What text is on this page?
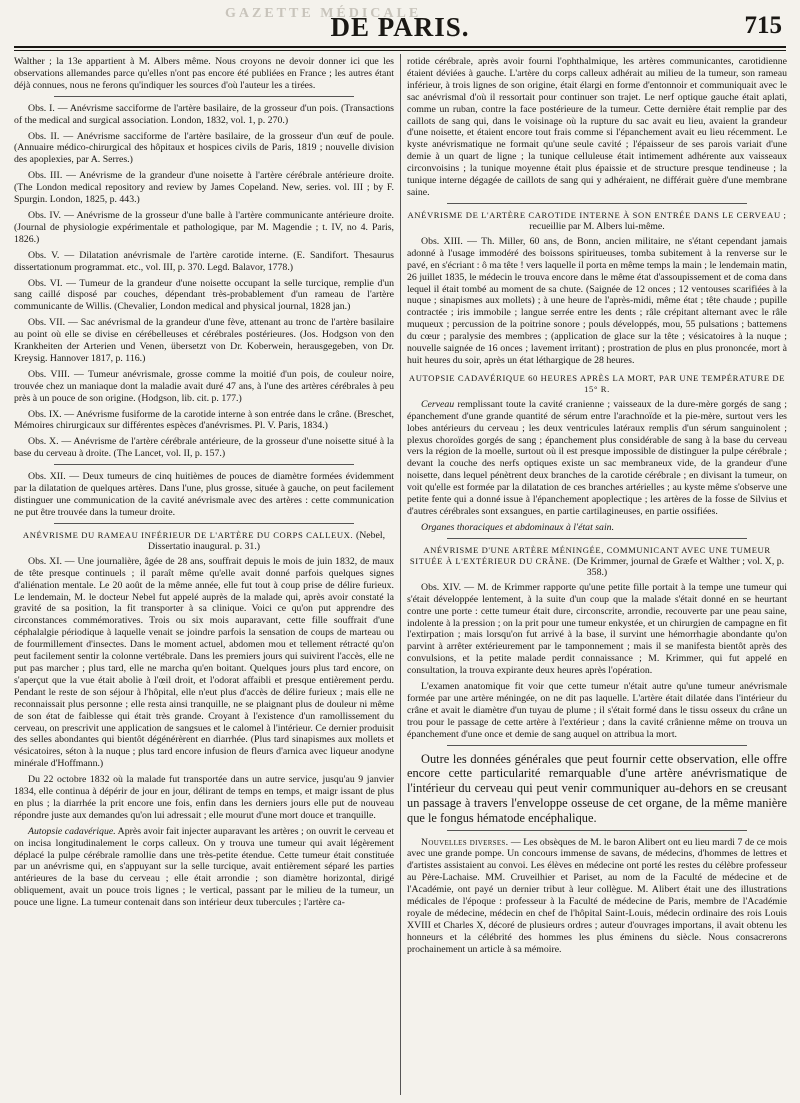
GAZETTE MÉDICALE
DE PARIS.	715

Walther ; la 13e appartient à M. Albers même. Nous croyons ne devoir donner ici que les observations allemandes parce qu'elles n'ont pas encore été publiées en France ; les autres étant déjà connues, nous ne ferons qu'indiquer les sources d'où l'auteur les a tirées.

Obs. I. — Anévrisme sacciforme de l'artère basilaire, de la grosseur d'un pois. (Transactions of the medical and surgical association. London, 1832, vol. 1, p. 270.)

Obs. II. — Anévrisme sacciforme de l'artère basilaire, de la grosseur d'un œuf de poule. (Annuaire médico-chirurgical des hôpitaux et hospices civils de Paris, 1819 ; nouvelle division des apoplexies, par A. Serres.)

Obs. III. — Anévrisme de la grandeur d'une noisette à l'artère cérébrale antérieure droite. (The London medical repository and review by James Copeland. New, series. vol. III ; by F. Spurgin. London, 1825, p. 443.)

Obs. IV. — Anévrisme de la grosseur d'une balle à l'artère communicante antérieure droite. (Journal de physiologie expérimentale et pathologique, par M. Magendie ; t. IV, no 4. Paris, 1826.)

Obs. V. — Dilatation anévrismale de l'artère carotide interne. (E. Sandifort. Thesaurus dissertationum programmat. etc., vol. III, p. 370. Legd. Balavor, 1778.)

Obs. VI. — Tumeur de la grandeur d'une noisette occupant la selle turcique, remplie d'un sang caillé disposé par couches, dépendant très-probablement d'un rameau de l'artère communicante de Willis. (Chevalier, London medical and physical journal, 1828 jan.)

Obs. VII. — Sac anévrismal de la grandeur d'une fève, attenant au tronc de l'artère basilaire au point où elle se divise en cérébelleuses et cérébrales postérieures. (Jos. Hodgson von den Krankheiten der Arterien und Venen, übersetzt von Dr. Koberwein, herausgegeben, von Dr. Kreysig. Hannover 1817, p. 116.)

Obs. VIII. — Tumeur anévrismale, grosse comme la moitié d'un pois, de couleur noire, trouvée chez un maniaque dont la maladie avait duré 47 ans, à l'une des artères cérébrales à peu près à un pouce de son origine. (Hodgson, lib. cit. p. 177.)

Obs. IX. — Anévrisme fusiforme de la carotide interne à son entrée dans le crâne. (Breschet, Mémoires chirurgicaux sur différentes espèces d'anévrismes. Pl. V. Paris, 1834.)

Obs. X. — Anévrisme de l'artère cérébrale antérieure, de la grosseur d'une noisette situé à la base du cerveau à droite. (The Lancet, vol. II, p. 157.)

Obs. XII. — Deux tumeurs de cinq huitièmes de pouces de diamètre formées évidemment par la dilatation de quelques artères. Dans l'une, plus grosse, située à gauche, on peut facilement distinguer une communication de la cavité anévrismale avec des artères : cette communication ne put être trouvée dans la tumeur droite.

ANÉVRISME DU RAMEAU INFÉRIEUR DE L'ARTÈRE DU CORPS CALLEUX. (Nebel, Dissertatio inaugural. p. 31.)

Obs. XI. — Une journalière, âgée de 28 ans, souffrait depuis le mois de juin 1832, de maux de tête presque continuels ; il paraît même qu'elle avait donné parfois quelques signes d'aliénation mentale. Le 20 août de la même année, elle fut tout à coup prise de délire furieux. Le lendemain, M. le docteur Nebel fut appelé auprès de la malade qui, après avoir constaté la gravité de sa position, la fit transporter à sa clinique. Voici ce qu'on put apprendre des circonstances commémoratives. Trois ou six mois auparavant, cette fille souffrait d'une céphalalgie périodique à laquelle venait se joindre parfois la sensation de coups de marteau ou de fourmillement d'insectes. Dans le moment actuel, abdomen mou et tellement rétracté qu'on peut facilement sentir la colonne vertébrale. Dans les premiers jours qui suivirent l'accès, elle ne put pas marcher ; plus tard, elle ne marcha qu'en boitant. Quelques jours plus tard encore, on s'aperçut que la vue était abolie à l'œil droit, et l'odorat affaibli et presque entièrement perdu. Pendant le reste de son séjour à l'hôpital, elle n'eut plus d'accès de délire furieux ; mais elle ne reconnaissait plus personne ; elle resta ainsi tranquille, ne se plaignant plus de douleur ni même de son état de faiblesse qui était très grande. Croyant à l'existence d'un ramollissement du cerveau, on prescrivit une application de sangsues et le calomel à l'intérieur. Ce dernier produisit des selles abondantes qui bientôt dégénérèrent en diarrhée. (Plus tard sinapismes aux mollets et vésicatoires, séton à la nuque ; plus tard encore infusion de fleurs d'arnica avec liqueur anodyne minérale d'Hoffmann.)

Du 22 octobre 1832 où la malade fut transportée dans un autre service, jusqu'au 9 janvier 1834, elle continua à dépérir de jour en jour, délirant de temps en temps, et maigr issant de plus en plus ; la diarrhée la prit encore une fois, enfin dans les derniers jours elle put de nouveau répondre juste aux demandes qu'on lui adressait ; elle mourut d'une mort douce et tranquille.

Autopsie cadavérique. Après avoir fait injecter auparavant les artères ; on ouvrit le cerveau et on incisa longitudinalement le corps calleux. On y trouva une tumeur qui avait légèrement déplacé la pulpe cérébrale ramollie dans une très-petite étendue. Cette tumeur était constituée par un anévrisme qui, en s'appuyant sur la selle turcique, avait entièrement séparé les parties antérieures de la base du cerveau ; elle était arrondie ; son diamètre horizontal, dirigé obliquement, avait un pouce trois lignes ; le vertical, passant par le milieu de la tumeur, un pouce une ligne. La tumeur contenait dans son intérieur deux tubercules ; l'artère ca-

rotide cérébrale, après avoir fourni l'ophthalmique, les artères communicantes, carotidienne étaient déviées à gauche. L'artère du corps calleux adhérait au milieu de la tumeur, son rameau inférieur, à trois lignes de son origine, était élargi en forme d'entonnoir et communiquait avec le sac anévrismal d'où il ressortait pour continuer son trajet. Le nerf optique gauche était aplati, comme un ruban, contre la face postérieure de la tumeur. Cette dernière était remplie par des caillots de sang qui, dans le voisinage où la rupture du sac avait eu lieu, avaient la grandeur d'une noisette, et étaient encore tout frais comme si l'épanchement avait eu lieu récemment. Le kyste anévrismatique ne formait qu'une seule cavité ; l'épaisseur de ses parois variait d'une demie à un quart de ligne ; la tunique celluleuse était intimement adhérente aux vaisseaux circonvoisins ; la tunique moyenne était plus épaissie et de structure presque tendineuse ; la tunique interne dégagée de caillots de sang qui y adhéraient, ne différait guère d'une membrane saine.

ANÉVRISME DE L'ARTÈRE CAROTIDE INTERNE À SON ENTRÉE DANS LE CERVEAU ; recueillie par M. Albers lui-même.

Obs. XIII. — Th. Miller, 60 ans, de Bonn, ancien militaire, ne s'étant cependant jamais adonné à l'usage immodéré des boissons spiritueuses, tomba subitement à la renverse sur le pavé, en s'écriant : ô ma tête ! vers laquelle il porta en même temps la main ; le lendemain matin, 26 juillet 1835, le médecin le trouva encore dans le même état d'assoupissement et de coma dans lequel il était tombé au moment de sa chute. (Saignée de 12 onces ; 12 ventouses scarifiées à la nuque ; sinapismes aux mollets) ; à une heure de l'après-midi, même état ; tête chaude ; pupille contractée ; iris immobile ; langue serrée entre les dents ; râle crépitant alternant avec le râle muqueux ; percussion de la poitrine sonore ; pouls développés, mou, 55 pulsations ; battemens du cœur ; paralysie des membres ; (application de glace sur la tête ; vésicatoires à la nuque ; nouvelle saignée de 16 onces ; lavement irritant) ; prostration de plus en plus prononcée, mort à huit heures du soir, après un état léthargique de 28 heures.

AUTOPSIE CADAVÉRIQUE 60 HEURES APRÈS LA MORT, PAR UNE TEMPÉRATURE DE 15° R.

Cerveau remplissant toute la cavité cranienne ; vaisseaux de la dure-mère gorgés de sang ; épanchement d'une grande quantité de sérum entre l'arachnoïde et la pie-mère, surtout vers les lobes antérieurs du cerveau ; les deux ventricules latéraux remplis d'un sérum sanguinolent ; plexus choroïdes gorgés de sang ; épanchement plus considérable de sang à la base du cerveau vers la région de la moelle, surtout où il est presque impossible de distinguer la pulpe cérébrale ; devant la couche des nerfs optiques existe un sac membraneux vide, de la grandeur d'une noisette, dans lequel pénètrent deux branches de la carotide cérébrale ; en divisant la tumeur, on voit qu'elle est formée par la dilatation de ces branches artérielles ; au kyste même s'observe une petite fente qui a donné issue à l'épanchement apoplectique ; les artères de la fosse de Silvius et d'autres cérébrales sont exsangues, en partie cartilagineuses, en partie ossifiées.

Organes thoraciques et abdominaux à l'état sain.

ANÉVRISME D'UNE ARTÈRE MÉNINGÉE, COMMUNICANT AVEC UNE TUMEUR SITUÉE À L'EXTÉRIEUR DU CRÂNE. (De Krimmer, journal de Græfe et Walther ; vol. X, p. 358.)

Obs. XIV. — M. de Krimmer rapporte qu'une petite fille portait à la tempe une tumeur qui s'était développée lentement, à la suite d'un coup que la malade s'était donné en se heurtant contre une porte : cette tumeur était dure, circonscrite, arrondie, recouverte par une peau saine, indolente à la pression ; on la prit pour une tumeur enkystée, et un chirurgien de campagne en fit l'extirpation ; mais lorsqu'on fut arrivé à la base, il survint une hémorrhagie abondante qu'on parvint à arrêter extérieurement par le tamponnement ; mais il se manifesta bientôt après des convulsions, et la petite malade perdit connaissance ; M. Krimmer, qui fut appelé en consultation, la trouva expirante deux heures après l'opération.

L'examen anatomique fit voir que cette tumeur n'était autre qu'une tumeur anévrismale formée par une artère méningée, on ne dit pas laquelle. L'artère était dilatée dans l'intérieur du crâne et avait le diamètre d'un tuyau de plume ; il s'était formé dans le tissu osseux du crâne un trou pour le passage de cette artère à l'extérieur ; dans la cavité crânienne même on trouva un épanchement d'une once et demie de sang auquel on attribua la mort.

Outre les données générales que peut fournir cette observation, elle offre encore cette particularité remarquable d'une artère anévrismatique de l'intérieur du cerveau qui peut venir communiquer au-dehors en se creusant un passage à travers l'enveloppe osseuse de cet organe, de la même manière que le fongus hématode encéphalique.

Nouvelles diverses. — Les obsèques de M. le baron Alibert ont eu lieu mardi 7 de ce mois avec une grande pompe. Un concours immense de savans, de médecins, d'hommes de lettres et d'artistes assistaient au convoi. Les élèves en médecine ont porté les restes du célèbre professeur au Père-Lachaise. MM. Cruveilhier et Pariset, au nom de la Faculté de médecine et de l'Académie, ont payé un dernier tribut à leur collègue. M. Alibert était une des illustrations médicales de l'époque : professeur à la Faculté de médecine de Paris, membre de l'Académie royale de médecine, médecin en chef de l'hôpital Saint-Louis, médecin ordinaire des rois Louis XVIII et Charles X, décoré de plusieurs ordres ; auteur d'ouvrages importans, il avait obtenu les honneurs et la célébrité des hommes les plus éminens du siècle. Nous consacrerons prochainement un article à sa mémoire.
